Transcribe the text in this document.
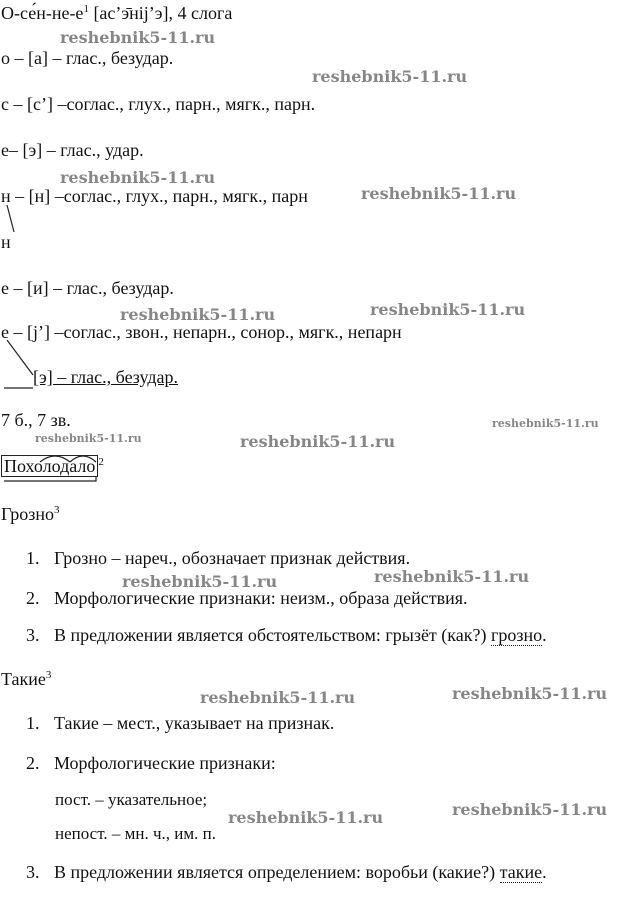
reshebnik5-11.ru
reshebnik5-11.ru
reshebnik5-11.ru
reshebnik5-11.ru
reshebnik5-11.ru	reshebnik5-11.ru
reshebnik5-11.ru
reshebnik5-11.ru	reshebnik5-11.ru
reshebnik5-11.ru	reshebnik5-11.ru
reshebnik5-11.ru	reshebnik5-11.ru
reshebnik5-11.ru	reshebnik5-11.ru
$О-се́н-не-е^1$ [ас’э̄нij’э], 4 слога
о – [а] – глас., безудар.
с – [с’] –соглас., глух., парн., мягк., парн.
е– [э] – глас., удар.
н – [н] –соглас., глух., парн., мягк., парн
н
е – [и] – глас., безудар.
е – [j’] –соглас., звон., непарн., сонор., мягк., непарн
[э] – глас., безудар.
7 б., 7 зв.
Похолодало $^2$
Грозно$^3$
1. Грозно – нареч., обозначает признак действия.
2. Морфологические признаки: неизм., образа действия.
3. В предложении является обстоятельством: грызёт (как?) грозно.
Такие$^3$
1. Такие – мест., указывает на признак.
2. Морфологические признаки:
пост. – указательное;
непост. – мн. ч., им. п.
3. В предложении является определением: воробьи (какие?) такие.
